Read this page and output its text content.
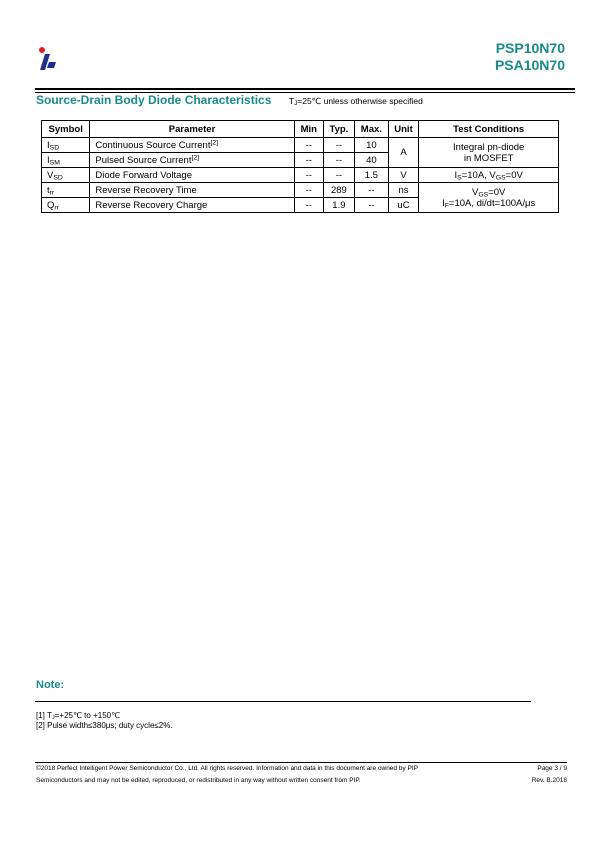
PSP10N70
PSA10N70
Source-Drain Body Diode Characteristics $T_J=25℃$ unless otherwise specified
Symbol	Parameter	Min	Typ.	Max.	Unit	Test Conditions
$I_{SD}$	Continuous Source Current[2]	--	--	10	A	Integral pn-diode
in MOSFET

$I_{SM}$	Pulsed Source Current[2]	--	--	40		
$V_{SD}$	Diode Forward Voltage	--	--	1.5	V	$I_S=10A$, $V_{GS}=0V$
$t_{rr}$	Reverse Recovery Time	--	289	--	ns	$V_{GS}=0V$
$I_F=10A$, di/dt=100A/μs

$Q_{rr}$	Reverse Recovery Charge	--	1.9	--	uC	
Note:
[1] $T_J=+25℃$ to +150℃
[2] Pulse width≤380μs; duty cycle≤2%.
©2018 Perfect Intelligent Power Semiconductor Co., Ltd. All rights reserved. Information and data in this document are owned by PIP
Semiconductors and may not be edited, reproduced, or redistributed in any way without written consent from PIP.
Page 3 / 9
Rev. B.2018
